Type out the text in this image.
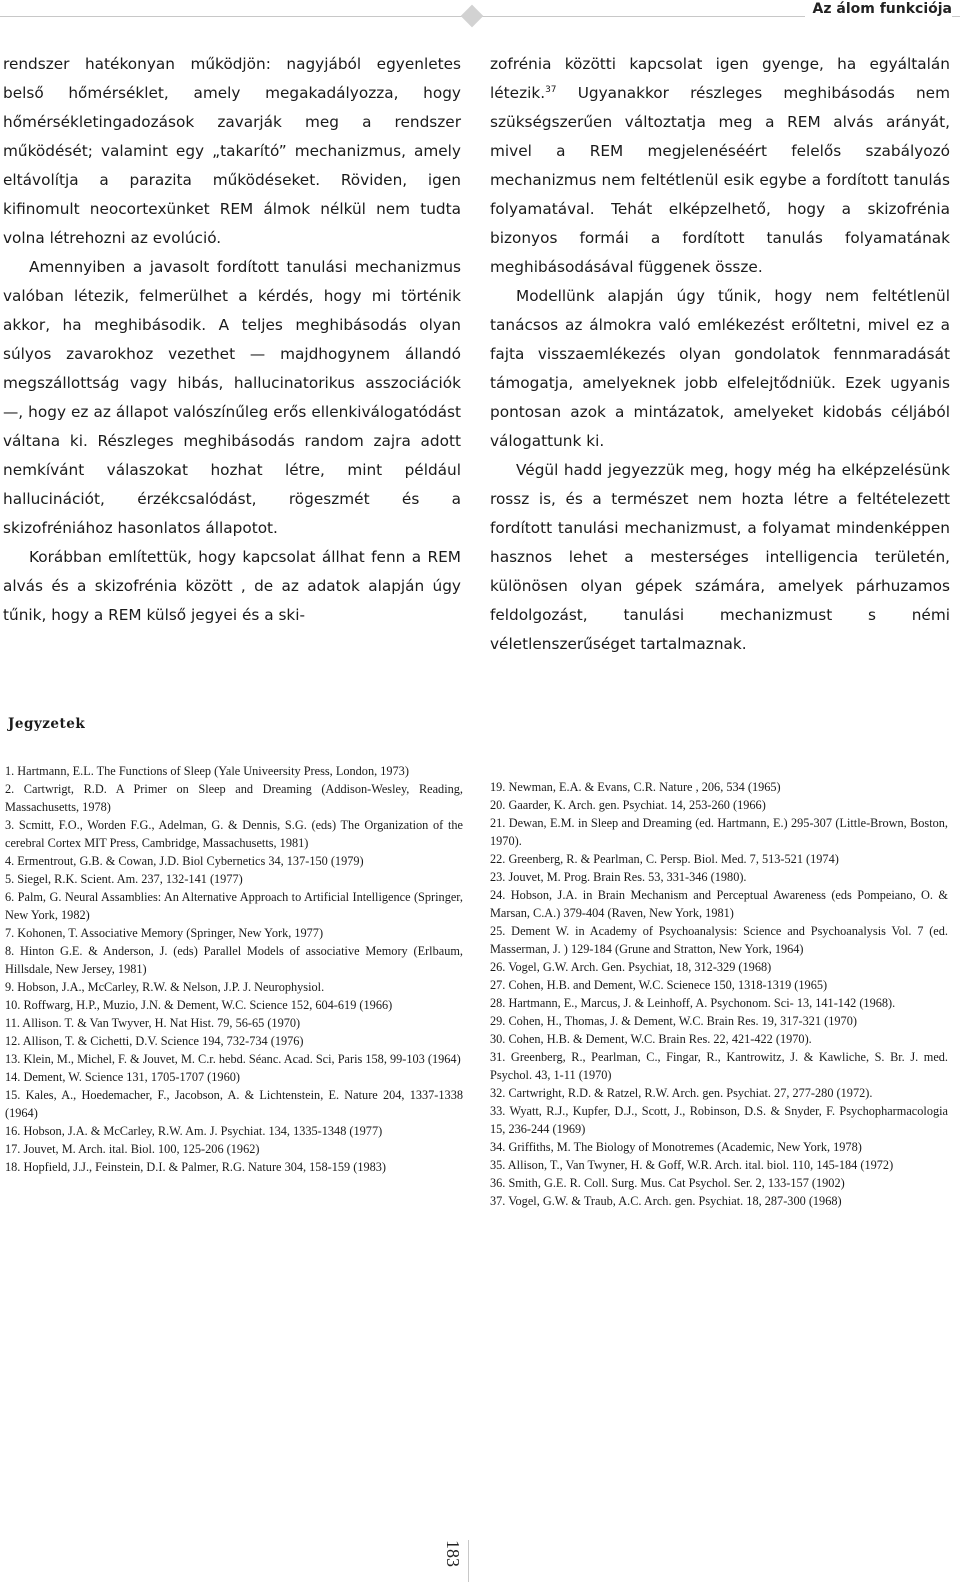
Az álom funkciója

rendszer hatékonyan működjön: nagyjából egyenletes belső hőmérséklet, amely megakadályozza, hogy hőmérsékletingadozások zavarják meg a rendszer működését; valamint egy „takarító” mechanizmus, amely eltávolítja a parazita működéseket. Röviden, igen kifinomult neocortexünket REM álmok nélkül nem tudta volna létrehozni az evolúció.

Amennyiben a javasolt fordított tanulási mechanizmus valóban létezik, felmerülhet a kérdés, hogy mi történik akkor, ha meghibásodik. A teljes meghibásodás olyan súlyos zavarokhoz vezethet — majdhogynem állandó megszállottság vagy hibás, hallucinatorikus asszociációk —, hogy ez az állapot valószínűleg erős ellenkiválogatódást váltana ki. Részleges meghibásodás random zajra adott nemkívánt válaszokat hozhat létre, mint például hallucinációt, érzékcsalódást, rögeszmét és a skizofréniához hasonlatos állapotot.

Korábban említettük, hogy kapcsolat állhat fenn a REM alvás és a skizofrénia között , de az adatok alapján úgy tűnik, hogy a REM külső jegyei és a ski-

zofrénia közötti kapcsolat igen gyenge, ha egyáltalán létezik.$^{37}$ Ugyanakkor részleges meghibásodás nem szükségszerűen változtatja meg a REM alvás arányát, mivel a REM megjelenéséért felelős szabályozó mechanizmus nem feltétlenül esik egybe a fordított tanulás folyamatával. Tehát elképzelhető, hogy a skizofrénia bizonyos formái a fordított tanulás folyamatának meghibásodásával függenek össze.

Modellünk alapján úgy tűnik, hogy nem feltétlenül tanácsos az álmokra való emlékezést erőltetni, mivel ez a fajta visszaemlékezés olyan gondolatok fennmaradását támogatja, amelyeknek jobb elfelejtődniük. Ezek ugyanis pontosan azok a mintázatok, amelyeket kidobás céljából válogattunk ki.

Végül hadd jegyezzük meg, hogy még ha elképzelésünk rossz is, és a természet nem hozta létre a feltételezett fordított tanulási mechanizmust, a folyamat mindenképpen hasznos lehet a mesterséges intelligencia területén, különösen olyan gépek számára, amelyek párhuzamos feldolgozást, tanulási mechanizmust s némi véletlenszerűséget tartalmaznak.

Jegyzetek

1. Hartmann, E.L. The Functions of Sleep (Yale Univeersity Press, London, 1973)

2. Cartwrigt, R.D. A Primer on Sleep and Dreaming (Addison-Wesley, Reading, Massachusetts, 1978)

3. Scmitt, F.O., Worden F.G., Adelman, G. & Dennis, S.G. (eds) The Organization of the cerebral Cortex MIT Press, Cambridge, Massachusetts, 1981)

4. Ermentrout, G.B. & Cowan, J.D. Biol Cybernetics 34, 137-150 (1979)

5. Siegel, R.K. Scient. Am. 237, 132-141 (1977)

6. Palm, G. Neural Assamblies: An Alternative Approach to Artificial Intelligence (Springer, New York, 1982)

7. Kohonen, T. Associative Memory (Springer, New York, 1977)

8. Hinton G.E. & Anderson, J. (eds) Parallel Models of associative Memory (Erlbaum, Hillsdale, New Jersey, 1981)

9. Hobson, J.A., McCarley, R.W. & Nelson, J.P. J. Neurophysiol.

10. Roffwarg, H.P., Muzio, J.N. & Dement, W.C. Science 152, 604-619 (1966)

11. Allison. T. & Van Twyver, H. Nat Hist. 79, 56-65 (1970)

12. Allison, T. & Cichetti, D.V. Science 194, 732-734 (1976)

13. Klein, M., Michel, F. & Jouvet, M. C.r. hebd. Séanc. Acad. Sci, Paris 158, 99-103 (1964)

14. Dement, W. Science 131, 1705-1707 (1960)

15. Kales, A., Hoedemacher, F., Jacobson, A. & Lichtenstein, E. Nature 204, 1337-1338 (1964)

16. Hobson, J.A. & McCarley, R.W. Am. J. Psychiat. 134, 1335-1348 (1977)

17. Jouvet, M. Arch. ital. Biol. 100, 125-206 (1962)

18. Hopfield, J.J., Feinstein, D.I. & Palmer, R.G. Nature 304, 158-159 (1983)

19. Newman, E.A. & Evans, C.R. Nature , 206, 534 (1965)

20. Gaarder, K. Arch. gen. Psychiat. 14, 253-260 (1966)

21. Dewan, E.M. in Sleep and Dreaming (ed. Hartmann, E.) 295-307 (Little-Brown, Boston, 1970).

22. Greenberg, R. & Pearlman, C. Persp. Biol. Med. 7, 513-521 (1974)

23. Jouvet, M. Prog. Brain Res. 53, 331-346 (1980).

24. Hobson, J.A. in Brain Mechanism and Perceptual Awareness (eds Pompeiano, O. & Marsan, C.A.) 379-404 (Raven, New York, 1981)

25. Dement W. in Academy of Psychoanalysis: Science and Psychoanalysis Vol. 7 (ed. Masserman, J. ) 129-184 (Grune and Stratton, New York, 1964)

26. Vogel, G.W. Arch. Gen. Psychiat, 18, 312-329 (1968)

27. Cohen, H.B. and Dement, W.C. Scienece 150, 1318-1319 (1965)

28. Hartmann, E., Marcus, J. & Leinhoff, A. Psychonom. Sci- 13, 141-142 (1968).

29. Cohen, H., Thomas, J. & Dement, W.C. Brain Res. 19, 317-321 (1970)

30. Cohen, H.B. & Dement, W.C. Brain Res. 22, 421-422 (1970).

31. Greenberg, R., Pearlman, C., Fingar, R., Kantrowitz, J. & Kawliche, S. Br. J. med. Psychol. 43, 1-11 (1970)

32. Cartwright, R.D. & Ratzel, R.W. Arch. gen. Psychiat. 27, 277-280 (1972).

33. Wyatt, R.J., Kupfer, D.J., Scott, J., Robinson, D.S. & Snyder, F. Psychopharmacologia 15, 236-244 (1969)

34. Griffiths, M. The Biology of Monotremes (Academic, New York, 1978)

35. Allison, T., Van Twyner, H. & Goff, W.R. Arch. ital. biol. 110, 145-184 (1972)

36. Smith, G.E. R. Coll. Surg. Mus. Cat Psychol. Ser. 2, 133-157 (1902)

37. Vogel, G.W. & Traub, A.C. Arch. gen. Psychiat. 18, 287-300 (1968)

183
